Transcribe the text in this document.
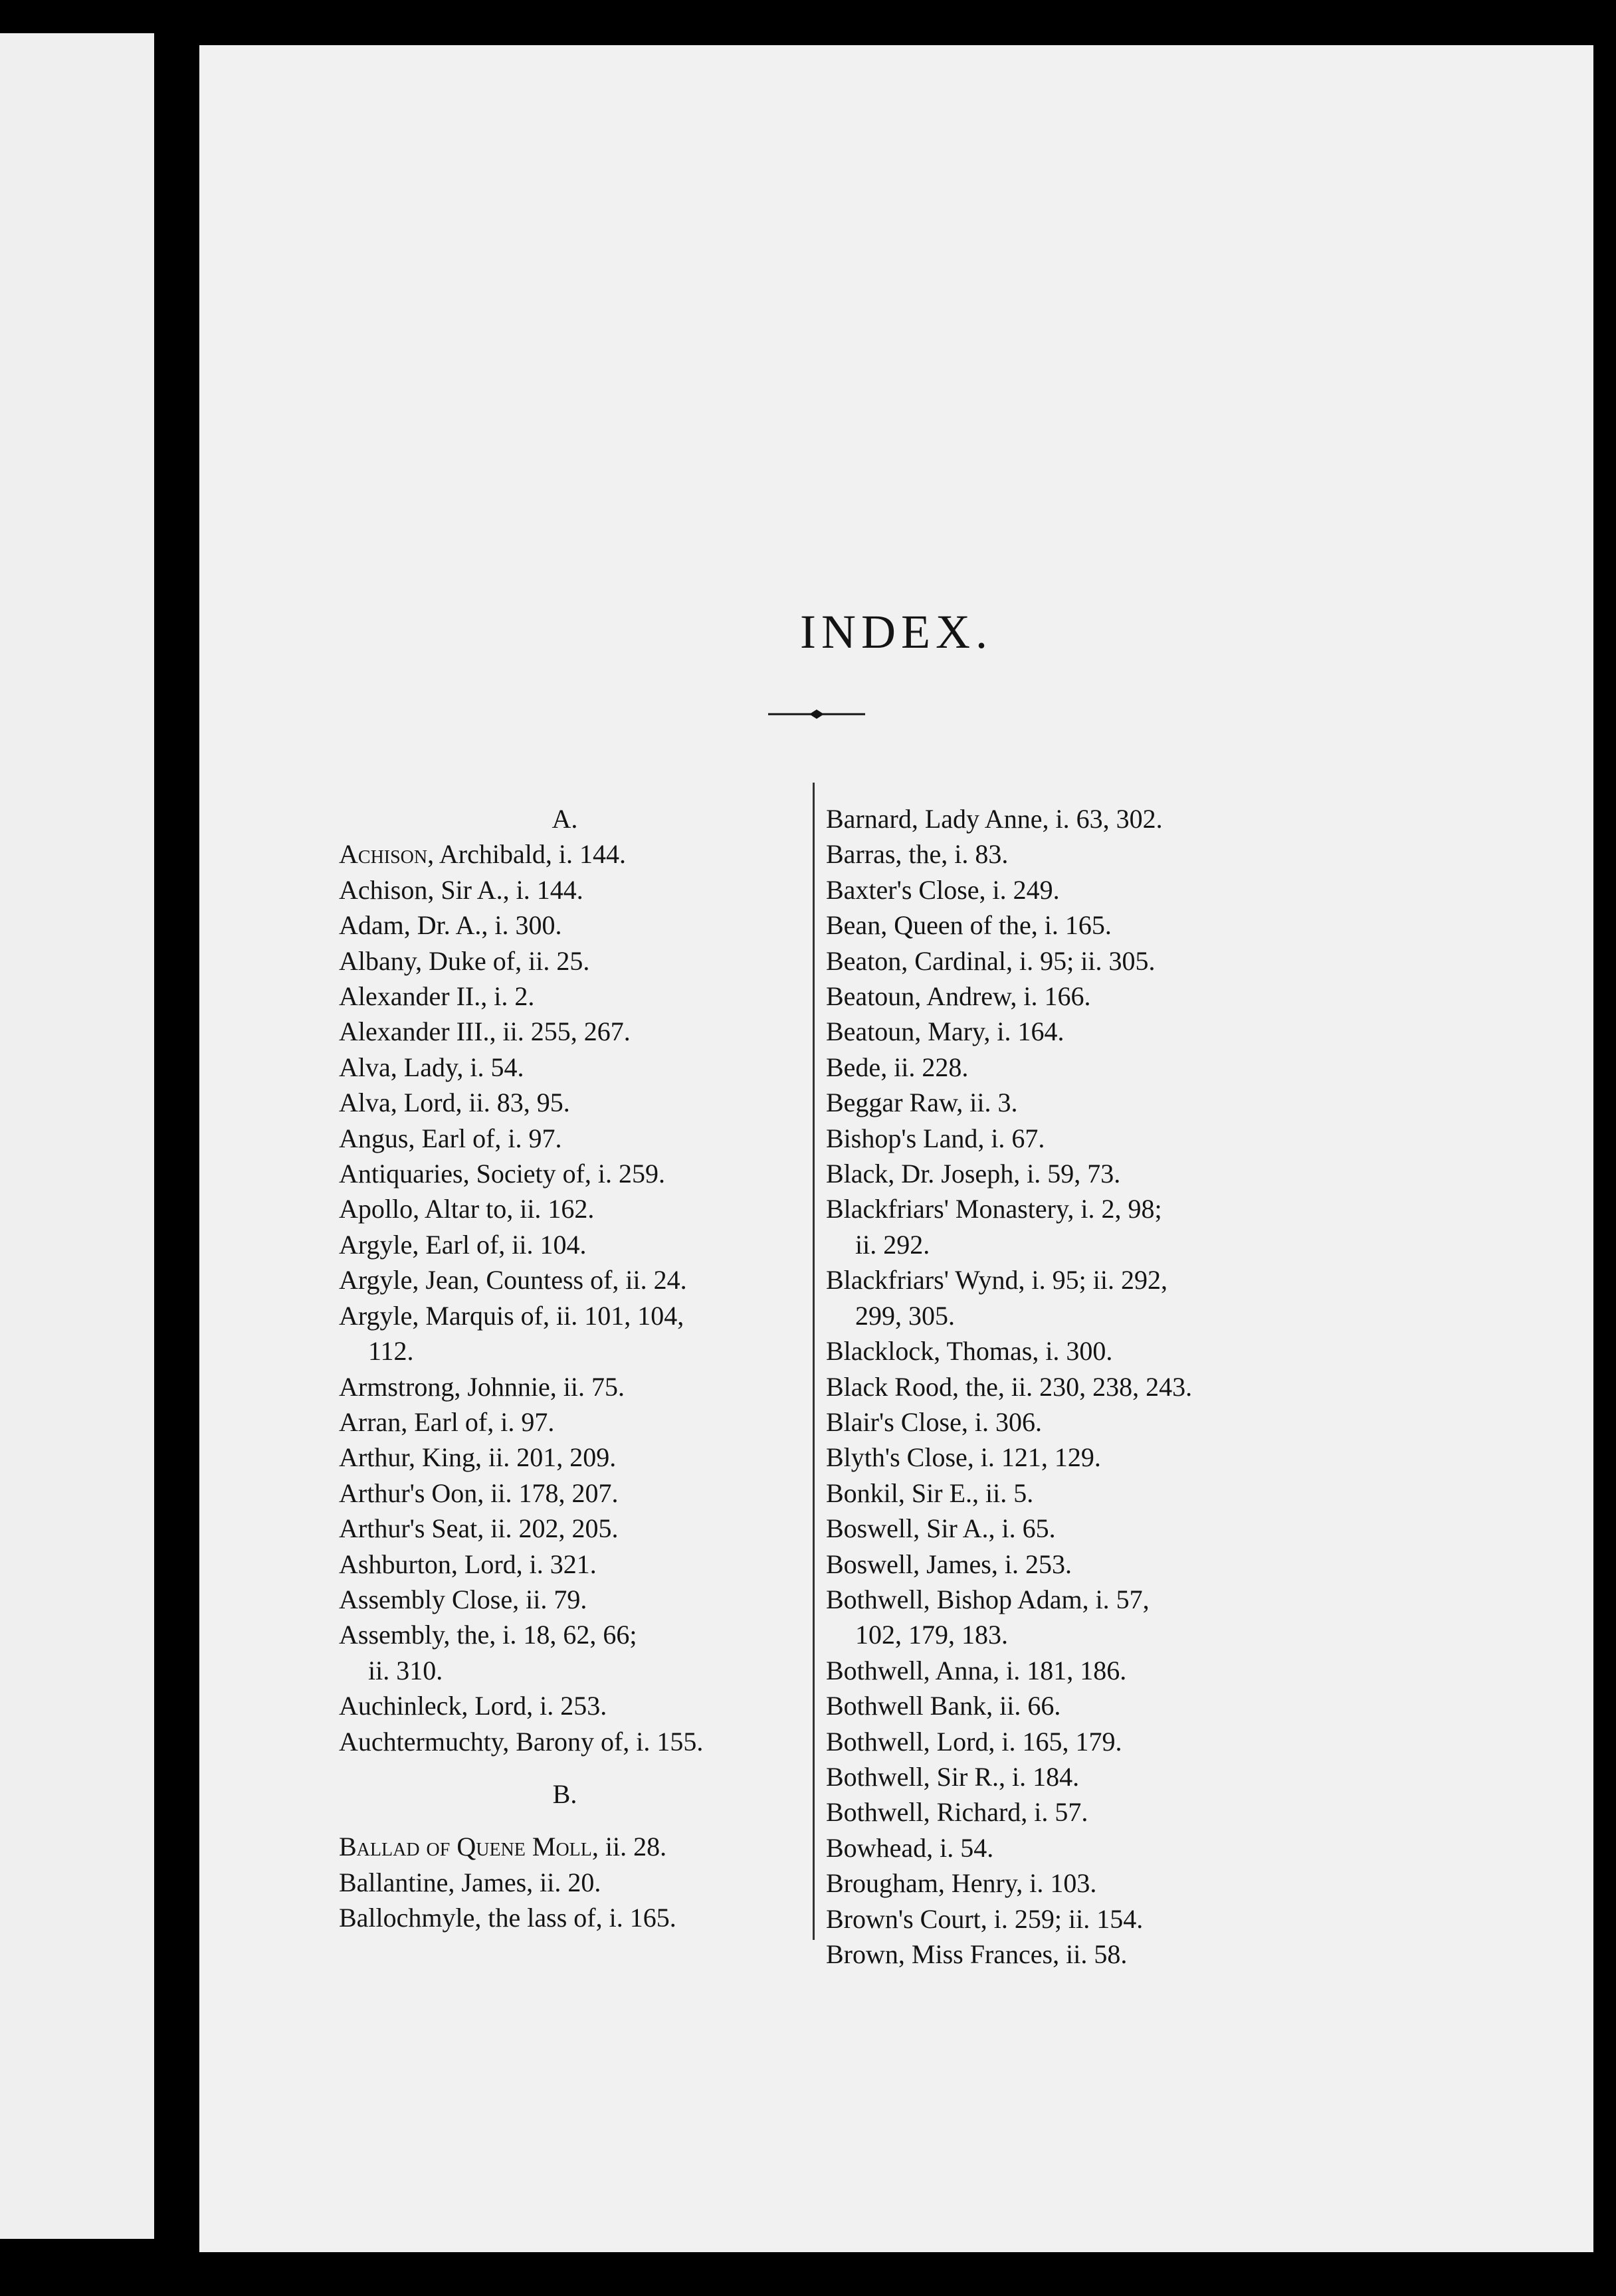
INDEX.
A.
Achison, Archibald, i. 144.
Achison, Sir A., i. 144.
Adam, Dr. A., i. 300.
Albany, Duke of, ii. 25.
Alexander II., i. 2.
Alexander III., ii. 255, 267.
Alva, Lady, i. 54.
Alva, Lord, ii. 83, 95.
Angus, Earl of, i. 97.
Antiquaries, Society of, i. 259.
Apollo, Altar to, ii. 162.
Argyle, Earl of, ii. 104.
Argyle, Jean, Countess of, ii. 24.
Argyle, Marquis of, ii. 101, 104,
112.
Armstrong, Johnnie, ii. 75.
Arran, Earl of, i. 97.
Arthur, King, ii. 201, 209.
Arthur's Oon, ii. 178, 207.
Arthur's Seat, ii. 202, 205.
Ashburton, Lord, i. 321.
Assembly Close, ii. 79.
Assembly, the, i. 18, 62, 66;
ii. 310.
Auchinleck, Lord, i. 253.
Auchtermuchty, Barony of, i. 155.
B.
Ballad of Quene Moll, ii. 28.
Ballantine, James, ii. 20.
Ballochmyle, the lass of, i. 165.
Barnard, Lady Anne, i. 63, 302.
Barras, the, i. 83.
Baxter's Close, i. 249.
Bean, Queen of the, i. 165.
Beaton, Cardinal, i. 95; ii. 305.
Beatoun, Andrew, i. 166.
Beatoun, Mary, i. 164.
Bede, ii. 228.
Beggar Raw, ii. 3.
Bishop's Land, i. 67.
Black, Dr. Joseph, i. 59, 73.
Blackfriars' Monastery, i. 2, 98;
ii. 292.
Blackfriars' Wynd, i. 95; ii. 292,
299, 305.
Blacklock, Thomas, i. 300.
Black Rood, the, ii. 230, 238, 243.
Blair's Close, i. 306.
Blyth's Close, i. 121, 129.
Bonkil, Sir E., ii. 5.
Boswell, Sir A., i. 65.
Boswell, James, i. 253.
Bothwell, Bishop Adam, i. 57,
102, 179, 183.
Bothwell, Anna, i. 181, 186.
Bothwell Bank, ii. 66.
Bothwell, Lord, i. 165, 179.
Bothwell, Sir R., i. 184.
Bothwell, Richard, i. 57.
Bowhead, i. 54.
Brougham, Henry, i. 103.
Brown's Court, i. 259; ii. 154.
Brown, Miss Frances, ii. 58.
